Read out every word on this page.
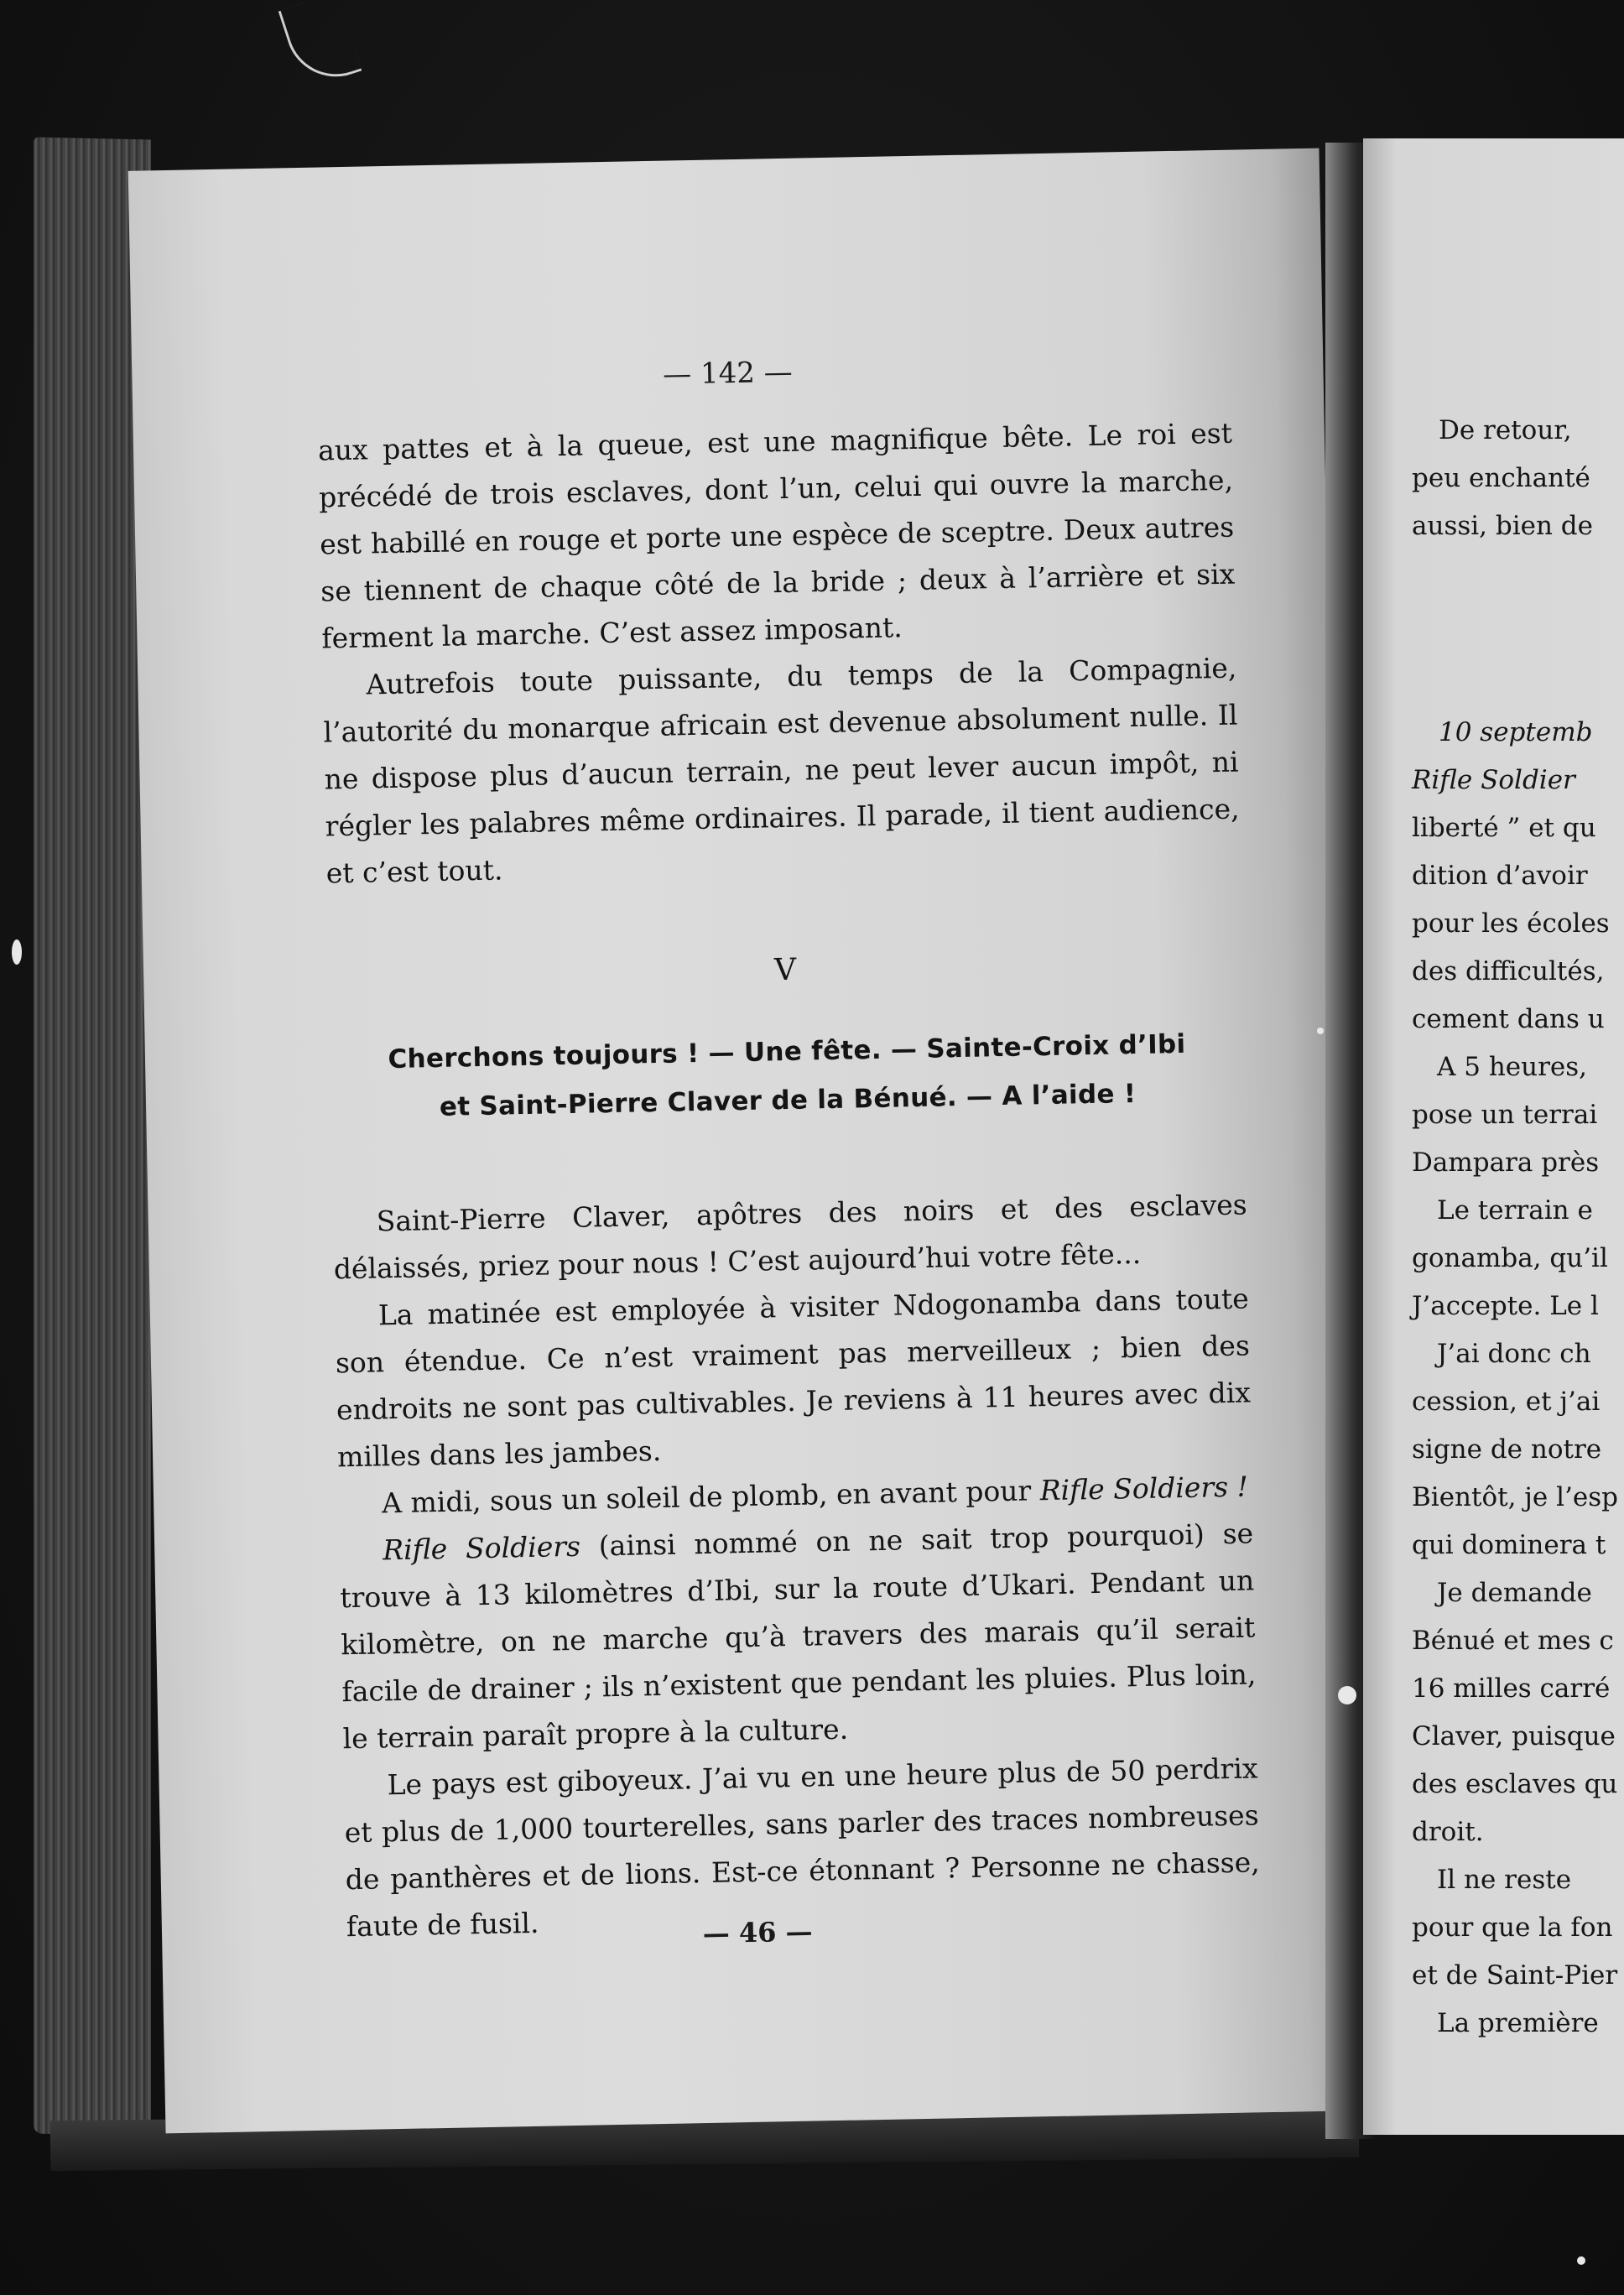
— 142 —

aux pattes et à la queue, est une magnifique bête. Le roi est précédé de trois esclaves, dont l’un, celui qui ouvre la marche, est habillé en rouge et porte une espèce de sceptre. Deux autres se tiennent de chaque côté de la bride ; deux à l’arrière et six ferment la marche. C’est assez imposant.

Autrefois toute puissante, du temps de la Compagnie, l’autorité du monarque africain est devenue absolument nulle. Il ne dispose plus d’aucun terrain, ne peut lever aucun impôt, ni régler les palabres même ordinaires. Il parade, il tient audience, et c’est tout.

V
Cherchons toujours ! — Une fête. — Sainte-Croix d’Ibi
et Saint-Pierre Claver de la Bénué. — A l’aide !

Saint-Pierre Claver, apôtres des noirs et des esclaves délaissés, priez pour nous ! C’est aujourd’hui votre fête...

La matinée est employée à visiter Ndogonamba dans toute son étendue. Ce n’est vraiment pas merveilleux ; bien des endroits ne sont pas cultivables. Je reviens à 11 heures avec dix milles dans les jambes.

A midi, sous un soleil de plomb, en avant pour Rifle Soldiers !

Rifle Soldiers (ainsi nommé on ne sait trop pourquoi) se trouve à 13 kilomètres d’Ibi, sur la route d’Ukari. Pendant un kilomètre, on ne marche qu’à travers des marais qu’il serait facile de drainer ; ils n’existent que pendant les pluies. Plus loin, le terrain paraît propre à la culture.

Le pays est giboyeux. J’ai vu en une heure plus de 50 perdrix et plus de 1,000 tourterelles, sans parler des traces nombreuses de panthères et de lions. Est-ce étonnant ? Personne ne chasse, faute de fusil.	— 46 —
De retour,
peu enchanté
aussi, bien de
10 septemb
Rifle Soldier
liberté ” et qu
dition d’avoir
pour les écoles
des difficultés,
cement dans u
A 5 heures,
pose un terrai
Dampara près
Le terrain e
gonamba, qu’il
J’accepte. Le l
J’ai donc ch
cession, et j’ai
signe de notre
Bientôt, je l’esp
qui dominera t
Je demande
Bénué et mes c
16 milles carré
Claver, puisque
des esclaves qu
droit.
Il ne reste
pour que la fon
et de Saint-Pier
La première
